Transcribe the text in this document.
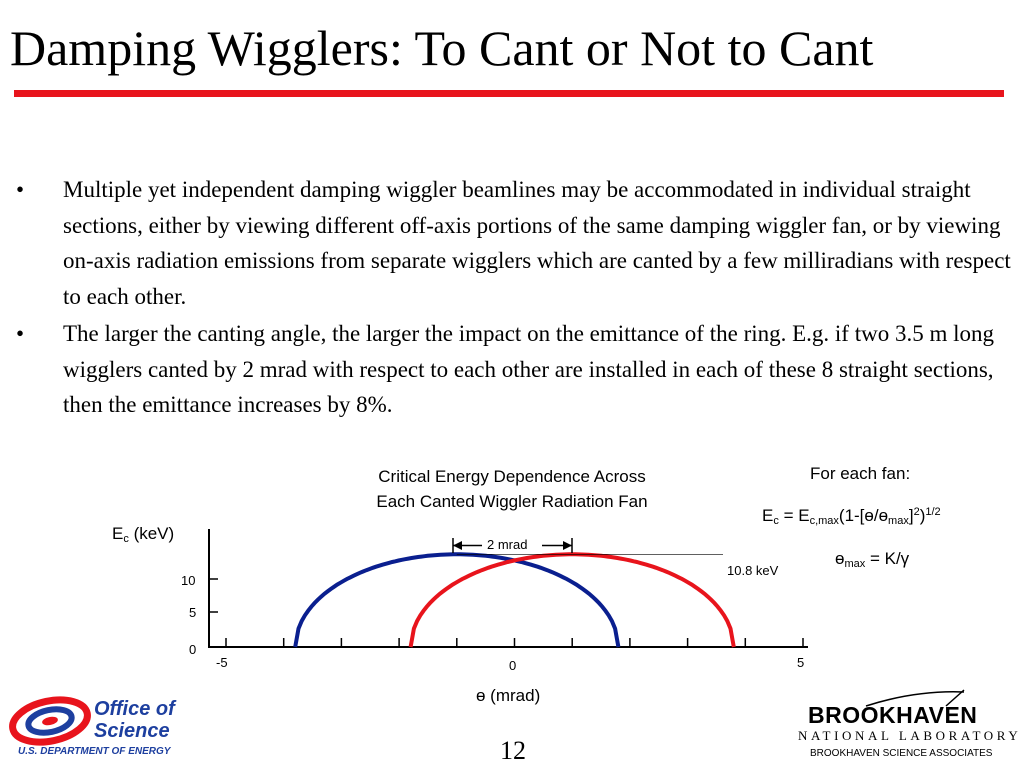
Damping Wigglers: To Cant or Not to Cant
• Multiple yet independent damping wiggler beamlines may be accommodated in individual straight sections, either by viewing different off-axis portions of the same damping wiggler fan, or by viewing on-axis radiation emissions from separate wigglers which are canted by a few milliradians with respect to each other.
• The larger the canting angle, the larger the impact on the emittance of the ring. E.g. if two 3.5 m long wigglers canted by 2 mrad with respect to each other are installed in each of these 8 straight sections, then the emittance increases by 8%.
Critical Energy Dependence Across
Each Canted Wiggler Radiation Fan
For each fan:
$E_c$ = $E_{c,max}(1-[ɵ/ɵ_{max}]^2)^{1/2}$
ɵ$_{max}$ = K/γ
$E_c$ (keV)
10
5
0
-5	0	5
ɵ (mrad)
2 mrad
10.8 keV
Office of
Science
U.S. DEPARTMENT OF ENERGY	12
BROOKHAVEN
NATIONAL LABORATORY
BROOKHAVEN SCIENCE ASSOCIATES
